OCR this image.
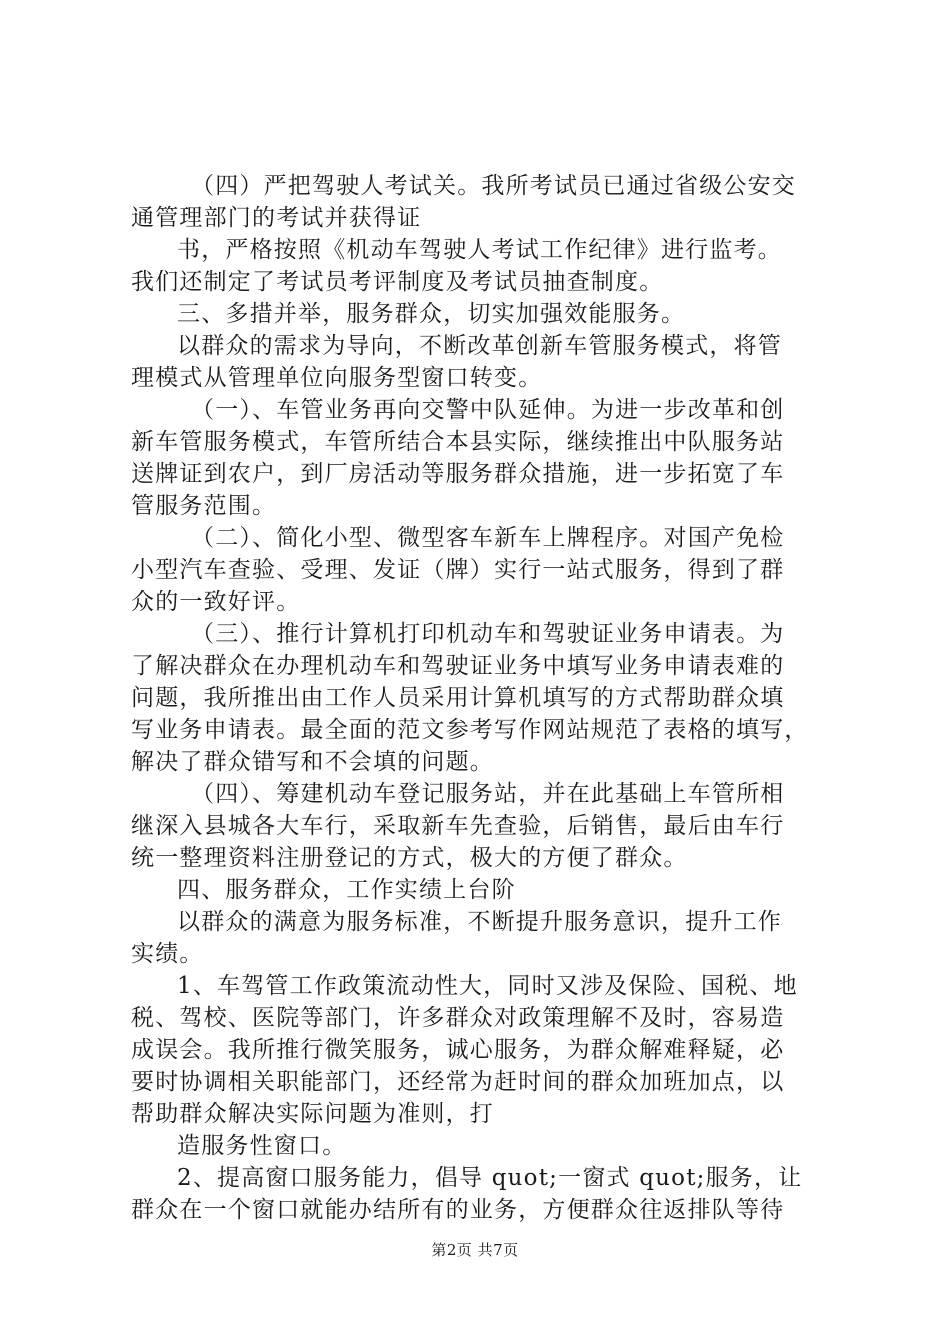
（四）严把驾驶人考试关。我所考试员已通过省级公安交
通管理部门的考试并获得证
书，严格按照《机动车驾驶人考试工作纪律》进行监考。
我们还制定了考试员考评制度及考试员抽查制度。
三、多措并举，服务群众，切实加强效能服务。
以群众的需求为导向，不断改革创新车管服务模式，将管
理模式从管理单位向服务型窗口转变。
（一）、车管业务再向交警中队延伸。为进一步改革和创
新车管服务模式，车管所结合本县实际，继续推出中队服务站
送牌证到农户，到厂房活动等服务群众措施，进一步拓宽了车
管服务范围。
（二）、简化小型、微型客车新车上牌程序。对国产免检
小型汽车查验、受理、发证（牌）实行一站式服务，得到了群
众的一致好评。
（三）、推行计算机打印机动车和驾驶证业务申请表。为
了解决群众在办理机动车和驾驶证业务中填写业务申请表难的
问题，我所推出由工作人员采用计算机填写的方式帮助群众填
写业务申请表。最全面的范文参考写作网站规范了表格的填写，
解决了群众错写和不会填的问题。
（四）、筹建机动车登记服务站，并在此基础上车管所相
继深入县城各大车行，采取新车先查验，后销售，最后由车行
统一整理资料注册登记的方式，极大的方便了群众。
四、服务群众，工作实绩上台阶
以群众的满意为服务标准，不断提升服务意识，提升工作
实绩。
1、车驾管工作政策流动性大，同时又涉及保险、国税、地
税、驾校、医院等部门，许多群众对政策理解不及时，容易造
成误会。我所推行微笑服务，诚心服务，为群众解难释疑，必
要时协调相关职能部门，还经常为赶时间的群众加班加点，以
帮助群众解决实际问题为准则，打
造服务性窗口。
2、提高窗口服务能力，倡导 quot;一窗式 quot;服务，让
群众在一个窗口就能办结所有的业务，方便群众往返排队等待
第2页 共7页
